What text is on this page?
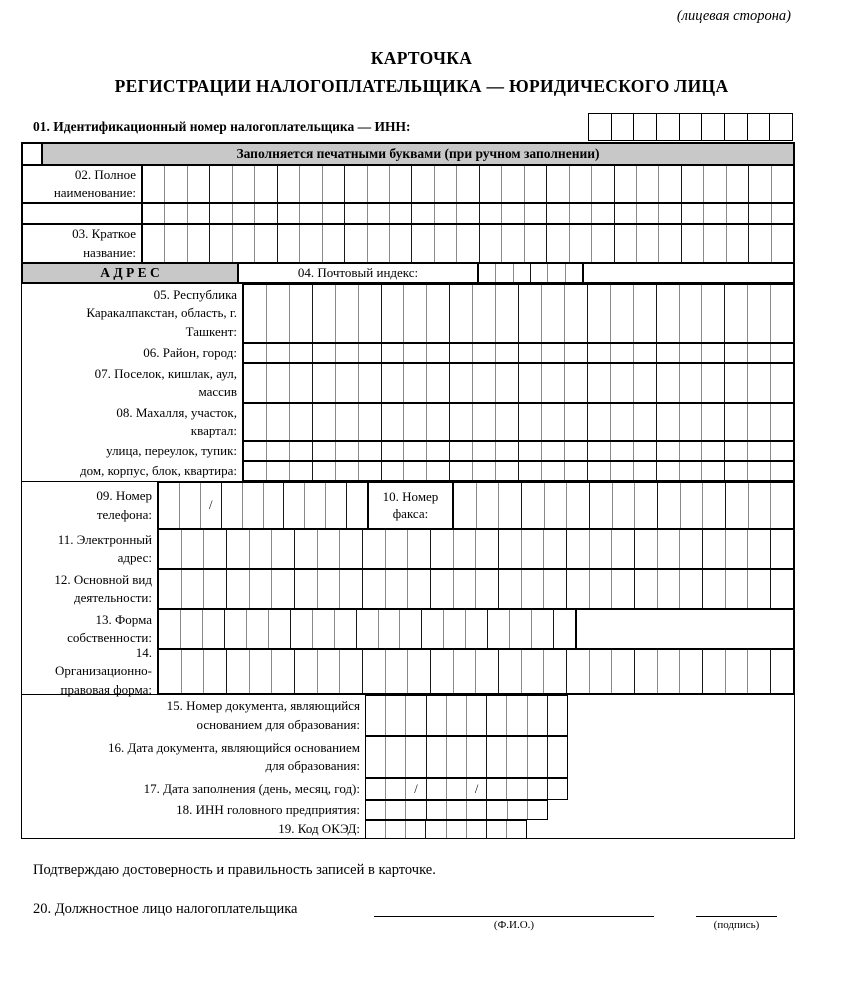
(лицевая сторона)
КАРТОЧКА
РЕГИСТРАЦИИ НАЛОГОПЛАТЕЛЬЩИКА — ЮРИДИЧЕСКОГО ЛИЦА
01. Идентификационный номер налогоплательщика — ИНН:
Заполняется печатными буквами (при ручном заполнении)
02. Полное
наименование:
03. Краткое
название:
А Д Р Е С	04. Почтовый индекс:
05. Республика
Каракалпакстан, область, г.
Ташкент:
06. Район, город:
07. Поселок, кишлак, аул,
массив
08. Махалля, участок,
квартал:
улица, переулок, тупик:
дом, корпус, блок, квартира:
09. Номер
телефона:
/
10. Номер
факса:
11. Электронный
адрес:
12. Основной вид
деятельности:
13. Форма
собственности:
14.
Организационно-
правовая форма:
15. Номер документа, являющийся
основанием для образования:
16. Дата документа, являющийся основанием
для образования:
17. Дата заполнения (день, месяц, год):	/	/
18. ИНН головного предприятия:
19. Код ОКЭД:
Подтверждаю достоверность и правильность записей в карточке.
20. Должностное лицо налогоплательщика
(Ф.И.О.)	(подпись)
